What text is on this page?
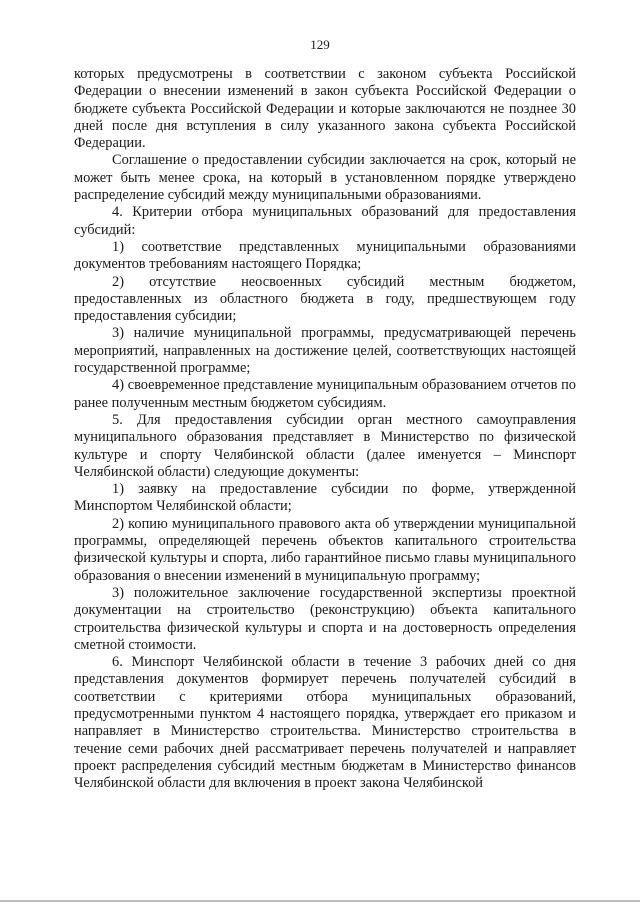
129

которых предусмотрены в соответствии с законом субъекта Российской Федерации о внесении изменений в закон субъекта Российской Федерации о бюджете субъекта Российской Федерации и которые заключаются не позднее 30 дней после дня вступления в силу указанного закона субъекта Российской Федерации.

Соглашение о предоставлении субсидии заключается на срок, который не может быть менее срока, на который в установленном порядке утверждено распределение субсидий между муниципальными образованиями.

4. Критерии отбора муниципальных образований для предоставления субсидий:

1) соответствие представленных муниципальными образованиями документов требованиям настоящего Порядка;

2) отсутствие неосвоенных субсидий местным бюджетом, предоставленных из областного бюджета в году, предшествующем году предоставления субсидии;

3) наличие муниципальной программы, предусматривающей перечень мероприятий, направленных на достижение целей, соответствующих настоящей государственной программе;

4) своевременное представление муниципальным образованием отчетов по ранее полученным местным бюджетом субсидиям.

5. Для предоставления субсидии орган местного самоуправления муниципального образования представляет в Министерство по физической культуре и спорту Челябинской области (далее именуется – Минспорт Челябинской области) следующие документы:

1) заявку на предоставление субсидии по форме, утвержденной Минспортом Челябинской области;

2) копию муниципального правового акта об утверждении муниципальной программы, определяющей перечень объектов капитального строительства физической культуры и спорта, либо гарантийное письмо главы муниципального образования о внесении изменений в муниципальную программу;

3) положительное заключение государственной экспертизы проектной документации на строительство (реконструкцию) объекта капитального строительства физической культуры и спорта и на достоверность определения сметной стоимости.

6. Минспорт Челябинской области в течение 3 рабочих дней со дня представления документов формирует перечень получателей субсидий в соответствии с критериями отбора муниципальных образований, предусмотренными пунктом 4 настоящего порядка, утверждает его приказом и направляет в Министерство строительства. Министерство строительства в течение семи рабочих дней рассматривает перечень получателей и направляет проект распределения субсидий местным бюджетам в Министерство финансов Челябинской области для включения в проект закона Челябинской
